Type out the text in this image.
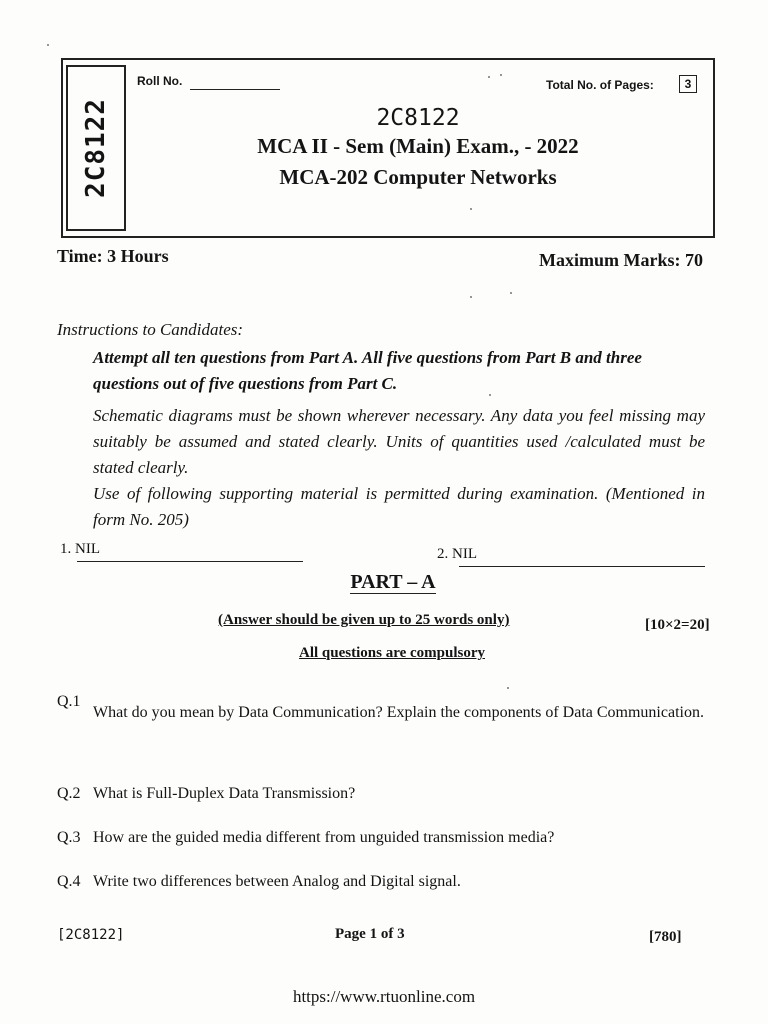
2C8122
Roll No.	Total No. of Pages:	3
2C8122
MCA II - Sem (Main) Exam., - 2022
MCA-202 Computer Networks
Time: 3 Hours	Maximum Marks: 70
Instructions to Candidates:
Attempt all ten questions from Part A. All five questions from Part B and three questions out of five questions from Part C.
Schematic diagrams must be shown wherever necessary. Any data you feel missing may suitably be assumed and stated clearly. Units of quantities used /calculated must be stated clearly.
Use of following supporting material is permitted during examination. (Mentioned in form No. 205)
1. NIL	2. NIL
PART – A
(Answer should be given up to 25 words only)	[10×2=20]
All questions are compulsory
Q.1
What do you mean by Data Communication? Explain the components of Data Communication.
Q.2 What is Full-Duplex Data Transmission?
Q.3 How are the guided media different from unguided transmission media?
Q.4 Write two differences between Analog and Digital signal.
[2C8122]	Page 1 of 3	[780]
https://www.rtuonline.com
